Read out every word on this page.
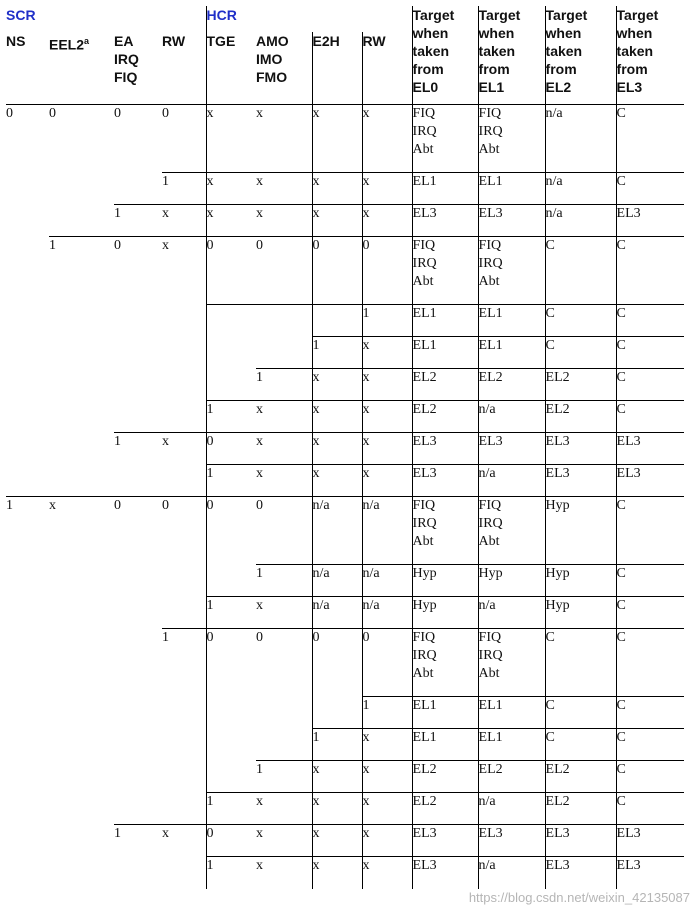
SCR				HCR				Target
when
taken
from
EL0	Target
when
taken
from
EL1	Target
when
taken
from
EL2	Target
when
taken
from
EL3
NS	EEL2$^a$	EA
IRQ
FIQ	RW	TGE	AMO
IMO
FMO	E2H	RW				
0	0	0	0	x	x	x	x	FIQ
IRQ
Abt	FIQ
IRQ
Abt	n/a	C
			1	x	x	x	x	EL1	EL1	n/a	C
		1	x	x	x	x	x	EL3	EL3	n/a	EL3
	1	0	x	0	0	0	0	FIQ
IRQ
Abt	FIQ
IRQ
Abt	C	C
							1	EL1	EL1	C	C
						1	x	EL1	EL1	C	C
					1	x	x	EL2	EL2	EL2	C
				1	x	x	x	EL2	n/a	EL2	C
		1	x	0	x	x	x	EL3	EL3	EL3	EL3
				1	x	x	x	EL3	n/a	EL3	EL3
1	x	0	0	0	0	n/a	n/a	FIQ
IRQ
Abt	FIQ
IRQ
Abt	Hyp	C
					1	n/a	n/a	Hyp	Hyp	Hyp	C
				1	x	n/a	n/a	Hyp	n/a	Hyp	C
			1	0	0	0	0	FIQ
IRQ
Abt	FIQ
IRQ
Abt	C	C
							1	EL1	EL1	C	C
						1	x	EL1	EL1	C	C
					1	x	x	EL2	EL2	EL2	C
				1	x	x	x	EL2	n/a	EL2	C
		1	x	0	x	x	x	EL3	EL3	EL3	EL3
				1	x	x	x	EL3	n/a	EL3	EL3
https://blog.csdn.net/weixin_42135087
